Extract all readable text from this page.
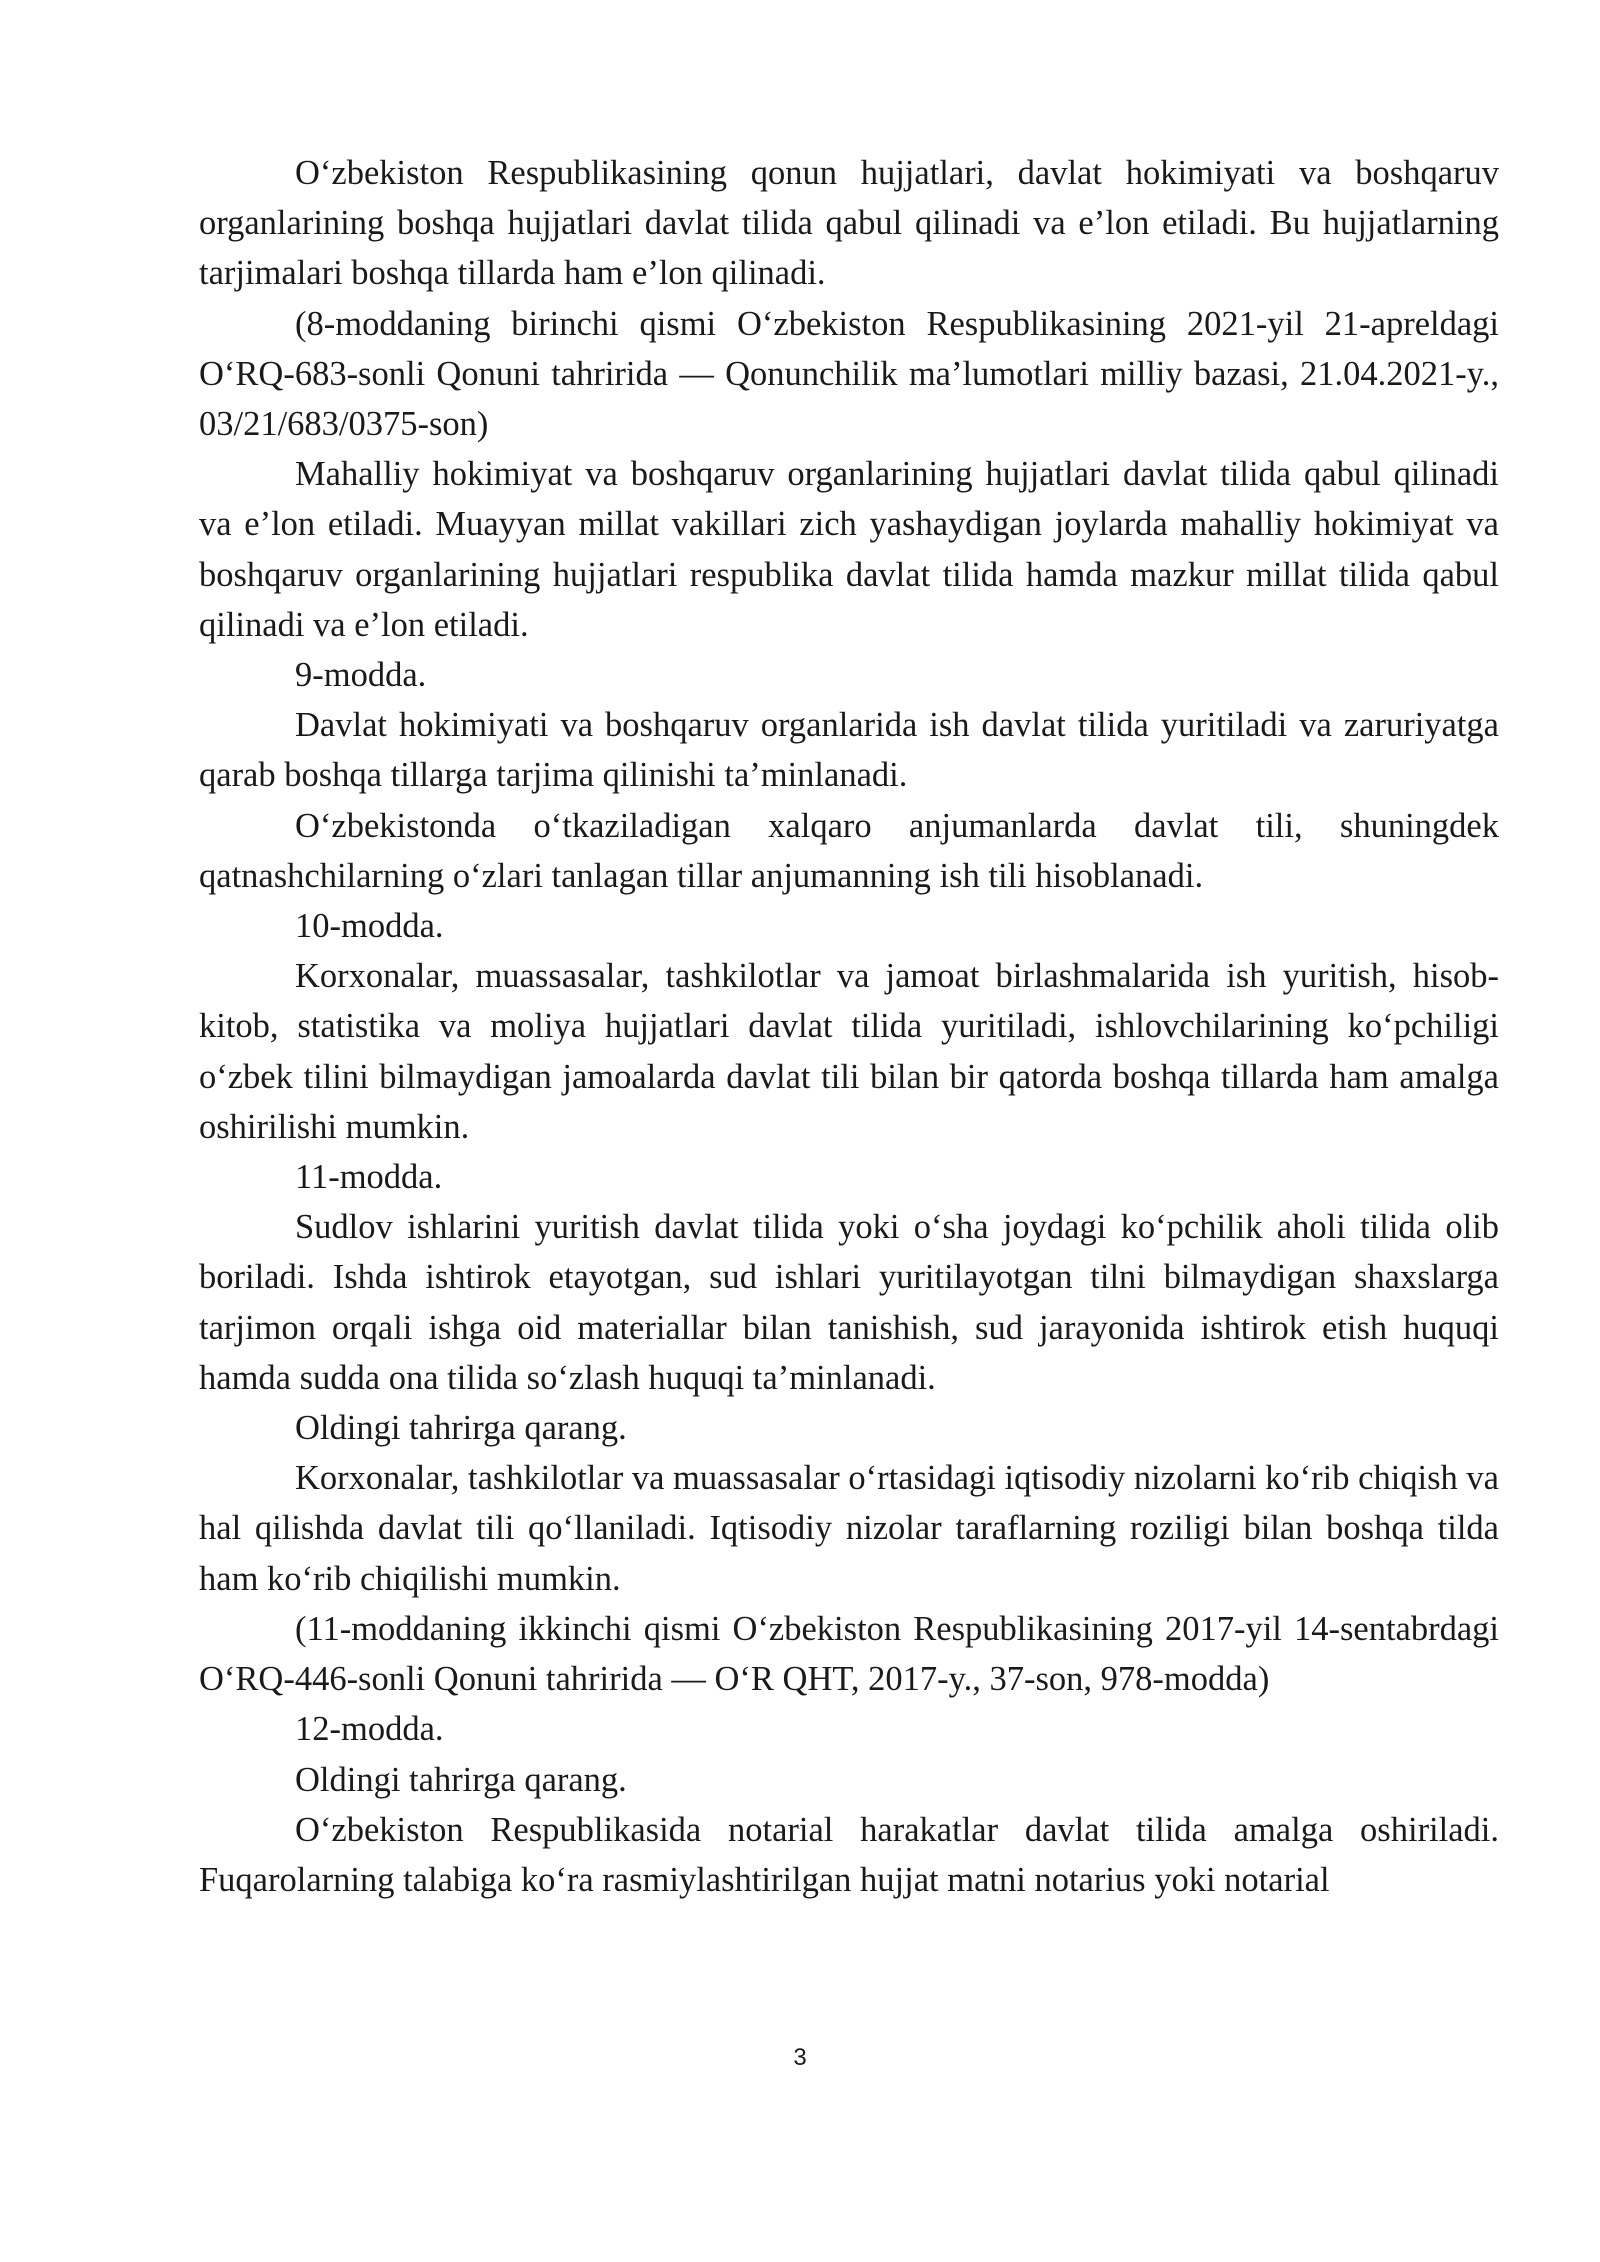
O‘zbekiston Respublikasining qonun hujjatlari, davlat hokimiyati va boshqaruv organlarining boshqa hujjatlari davlat tilida qabul qilinadi va e’lon etiladi. Bu hujjatlarning tarjimalari boshqa tillarda ham e’lon qilinadi.

(8-moddaning birinchi qismi O‘zbekiston Respublikasining 2021-yil 21-apreldagi O‘RQ-683-sonli Qonuni tahririda — Qonunchilik ma’lumotlari milliy bazasi, 21.04.2021-y., 03/21/683/0375-son)

Mahalliy hokimiyat va boshqaruv organlarining hujjatlari davlat tilida qabul qilinadi va e’lon etiladi. Muayyan millat vakillari zich yashaydigan joylarda mahalliy hokimiyat va boshqaruv organlarining hujjatlari respublika davlat tilida hamda mazkur millat tilida qabul qilinadi va e’lon etiladi.

9-modda.

Davlat hokimiyati va boshqaruv organlarida ish davlat tilida yuritiladi va zaruriyatga qarab boshqa tillarga tarjima qilinishi ta’minlanadi.

O‘zbekistonda o‘tkaziladigan xalqaro anjumanlarda davlat tili, shuningdek qatnashchilarning o‘zlari tanlagan tillar anjumanning ish tili hisoblanadi.

10-modda.

Korxonalar, muassasalar, tashkilotlar va jamoat birlashmalarida ish yuritish, hisob-kitob, statistika va moliya hujjatlari davlat tilida yuritiladi, ishlovchilarining ko‘pchiligi o‘zbek tilini bilmaydigan jamoalarda davlat tili bilan bir qatorda boshqa tillarda ham amalga oshirilishi mumkin.

11-modda.

Sudlov ishlarini yuritish davlat tilida yoki o‘sha joydagi ko‘pchilik aholi tilida olib boriladi. Ishda ishtirok etayotgan, sud ishlari yuritilayotgan tilni bilmaydigan shaxslarga tarjimon orqali ishga oid materiallar bilan tanishish, sud jarayonida ishtirok etish huquqi hamda sudda ona tilida so‘zlash huquqi ta’minlanadi.

Oldingi tahrirga qarang.

Korxonalar, tashkilotlar va muassasalar o‘rtasidagi iqtisodiy nizolarni ko‘rib chiqish va hal qilishda davlat tili qo‘llaniladi. Iqtisodiy nizolar taraflarning roziligi bilan boshqa tilda ham ko‘rib chiqilishi mumkin.

(11-moddaning ikkinchi qismi O‘zbekiston Respublikasining 2017-yil 14-sentabrdagi O‘RQ-446-sonli Qonuni tahririda — O‘R QHT, 2017-y., 37-son, 978-modda)

12-modda.

Oldingi tahrirga qarang.

O‘zbekiston Respublikasida notarial harakatlar davlat tilida amalga oshiriladi. Fuqarolarning talabiga ko‘ra rasmiylashtirilgan hujjat matni notarius yoki notarial

3
